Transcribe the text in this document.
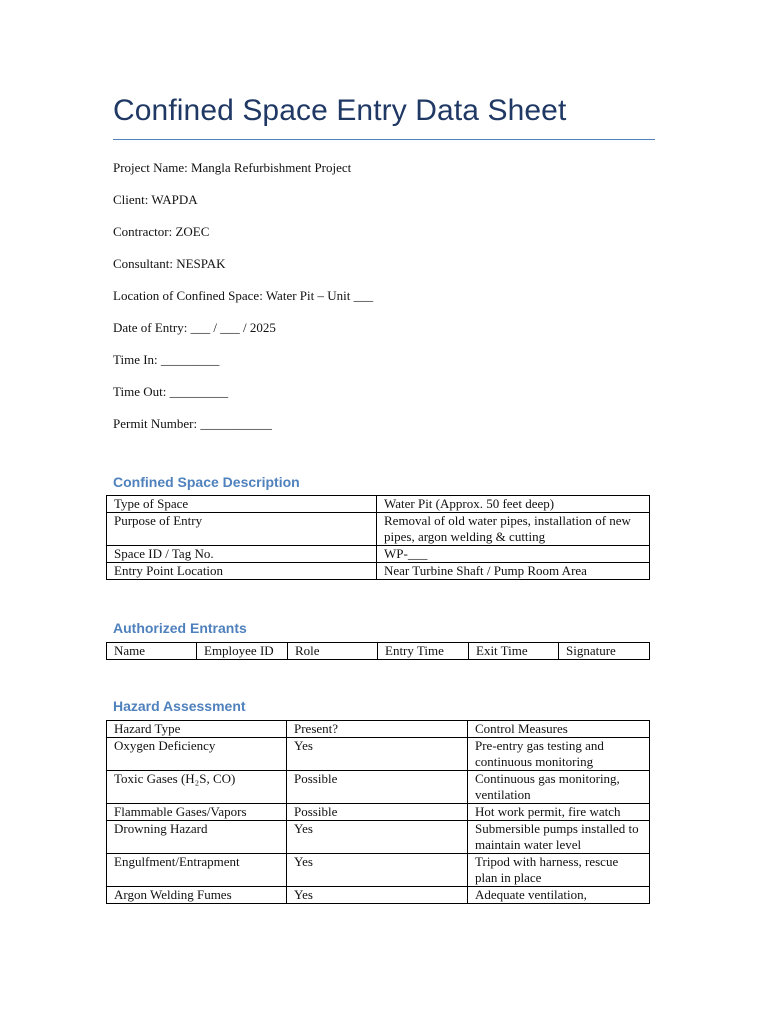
Confined Space Entry Data Sheet
Project Name: Mangla Refurbishment Project
Client: WAPDA
Contractor: ZOEC
Consultant: NESPAK
Location of Confined Space: Water Pit – Unit ___
Date of Entry: ___ / ___ / 2025
Time In: _________
Time Out: _________
Permit Number: ___________
Confined Space Description
Type of Space	Water Pit (Approx. 50 feet deep)
Purpose of Entry	Removal of old water pipes, installation of new pipes, argon welding & cutting
Space ID / Tag No.	WP-___
Entry Point Location	Near Turbine Shaft / Pump Room Area
Authorized Entrants
Name	Employee ID	Role	Entry Time	Exit Time	Signature
Hazard Assessment
Hazard Type	Present?	Control Measures
Oxygen Deficiency	Yes	Pre-entry gas testing and continuous monitoring
Toxic Gases (H₂S, CO)	Possible	Continuous gas monitoring, ventilation
Flammable Gases/Vapors	Possible	Hot work permit, fire watch
Drowning Hazard	Yes	Submersible pumps installed to maintain water level
Engulfment/Entrapment	Yes	Tripod with harness, rescue plan in place
Argon Welding Fumes	Yes	Adequate ventilation,
